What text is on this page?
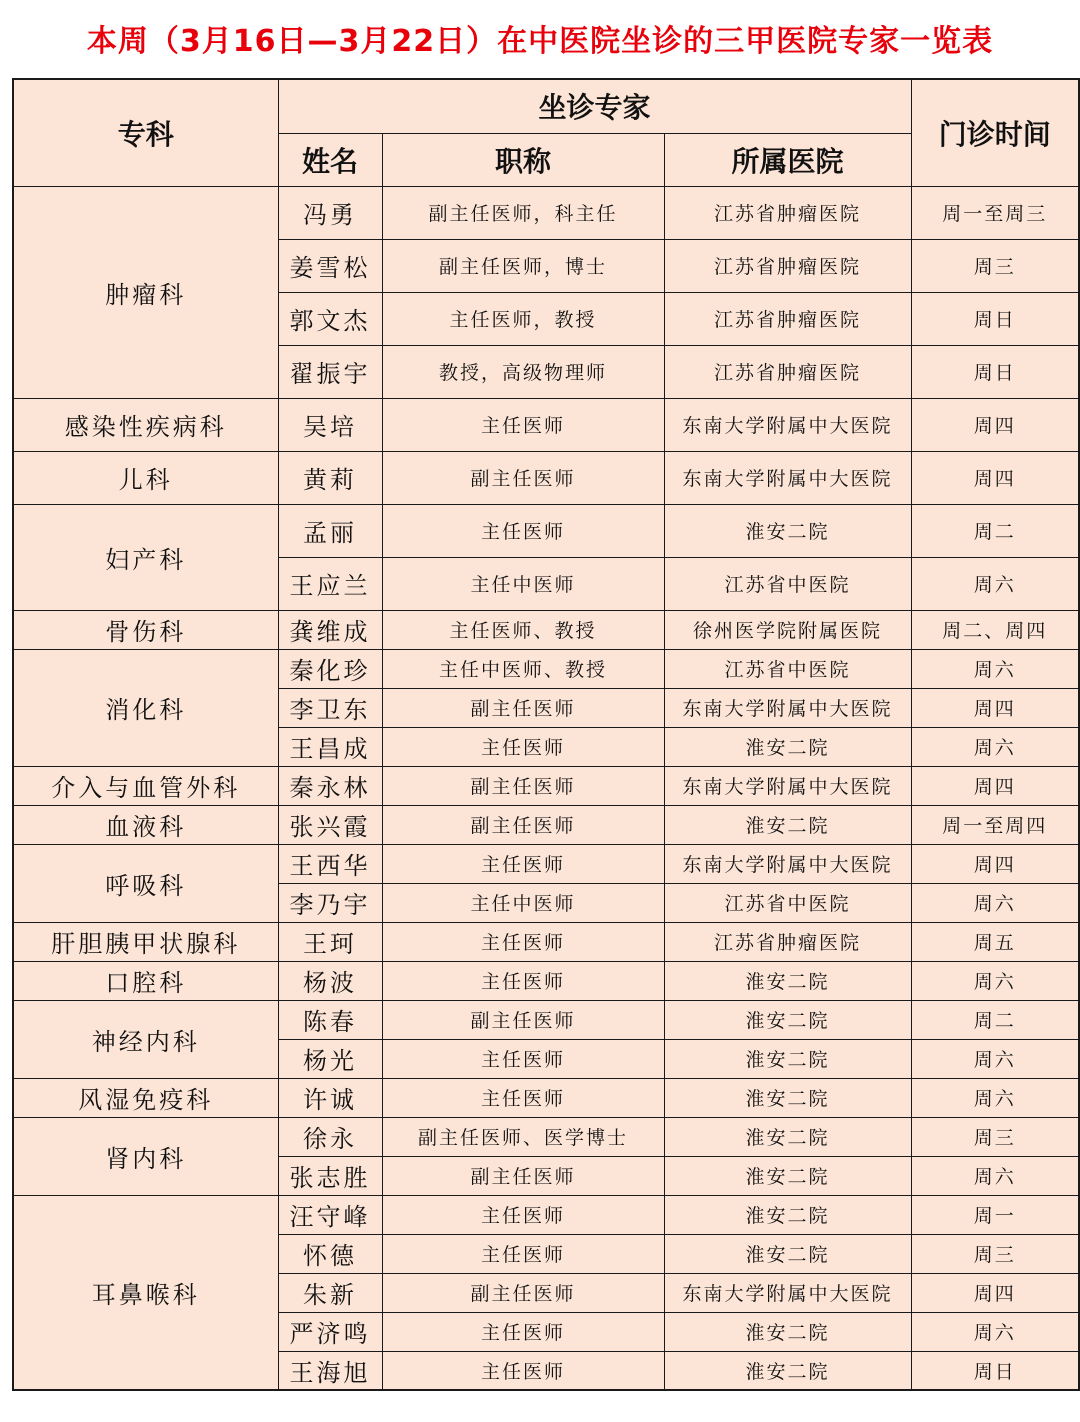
本周（3月16日—3月22日）在中医院坐诊的三甲医院专家一览表
专科	坐诊专家			门诊时间
	姓名	职称	所属医院	
肿瘤科	冯勇	副主任医师，科主任	江苏省肿瘤医院	周一至周三
	姜雪松	副主任医师，博士	江苏省肿瘤医院	周三
	郭文杰	主任医师，教授	江苏省肿瘤医院	周日
	翟振宇	教授，高级物理师	江苏省肿瘤医院	周日
感染性疾病科	吴培	主任医师	东南大学附属中大医院	周四
儿科	黄莉	副主任医师	东南大学附属中大医院	周四
妇产科	孟丽	主任医师	淮安二院	周二
	王应兰	主任中医师	江苏省中医院	周六
骨伤科	龚维成	主任医师、教授	徐州医学院附属医院	周二、周四
消化科	秦化珍	主任中医师、教授	江苏省中医院	周六
	李卫东	副主任医师	东南大学附属中大医院	周四
	王昌成	主任医师	淮安二院	周六
介入与血管外科	秦永林	副主任医师	东南大学附属中大医院	周四
血液科	张兴霞	副主任医师	淮安二院	周一至周四
呼吸科	王西华	主任医师	东南大学附属中大医院	周四
	李乃宇	主任中医师	江苏省中医院	周六
肝胆胰甲状腺科	王珂	主任医师	江苏省肿瘤医院	周五
口腔科	杨波	主任医师	淮安二院	周六
神经内科	陈春	副主任医师	淮安二院	周二
	杨光	主任医师	淮安二院	周六
风湿免疫科	许诚	主任医师	淮安二院	周六
肾内科	徐永	副主任医师、医学博士	淮安二院	周三
	张志胜	副主任医师	淮安二院	周六
耳鼻喉科	汪守峰	主任医师	淮安二院	周一
	怀德	主任医师	淮安二院	周三
	朱新	副主任医师	东南大学附属中大医院	周四
	严济鸣	主任医师	淮安二院	周六
	王海旭	主任医师	淮安二院	周日
